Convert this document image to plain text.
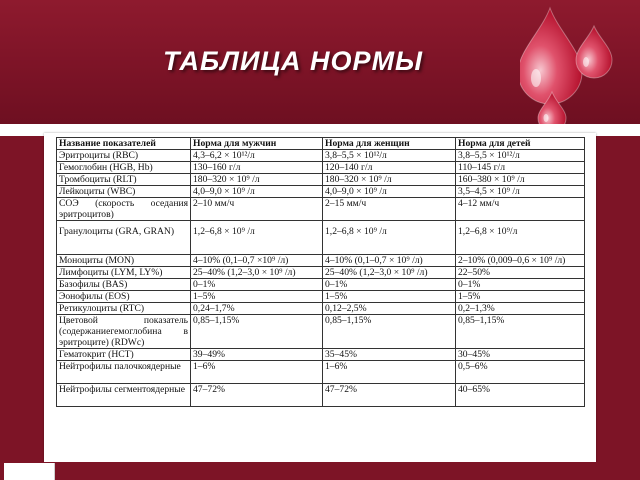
ТАБЛИЦА НОРМЫ
Название показателей	Норма для мужчин	Норма для женщин	Норма для детей
Эритроциты (RBC)	4,3–6,2 × 10¹²/л	3,8–5,5 × 10¹²/л	3,8–5,5 × 10¹²/л
Гемоглобин (HGB, Hb)	130–160 г/л	120–140 г/л	110–145 г/л
Тромбоциты (RLT)	180–320 × 10⁹ /л	180–320 × 10⁹ /л	160–380 × 10⁹ /л
Лейкоциты (WBC)	4,0–9,0 × 10⁹ /л	4,0–9,0 × 10⁹ /л	3,5–4,5 × 10⁹ /л
СОЭ (скорость оседания эритроцитов)	2–10 мм/ч	2–15 мм/ч	4–12 мм/ч
Гранулоциты (GRA, GRAN)	1,2–6,8 × 10⁹ /л	1,2–6,8 × 10⁹ /л	1,2–6,8 × 10⁹/л
Моноциты (MON)	4–10% (0,1–0,7 ×10⁹ /л)	4–10% (0,1–0,7 × 10⁹ /л)	2–10% (0,009–0,6 × 10⁹ /л)
Лимфоциты (LYM, LY%)	25–40% (1,2–3,0 × 10⁹ /л)	25–40% (1,2–3,0 × 10⁹ /л)	22–50%
Базофилы (BAS)	0–1%	0–1%	0–1%
Эонофилы (EOS)	1–5%	1–5%	1–5%
Ретикулоциты (RTC)	0,24–1,7%	0,12–2,5%	0,2–1,3%
Цветовой показатель (содержаниегемоглобина в эритроците) (RDWc)	0,85–1,15%	0,85–1,15%	0,85–1,15%
Гематокрит (НСТ)	39–49%	35–45%	30–45%
Нейтрофилы палочкоядерные	1–6%	1–6%	0,5–6%
Нейтрофилы сегментоядерные	47–72%	47–72%	40–65%
